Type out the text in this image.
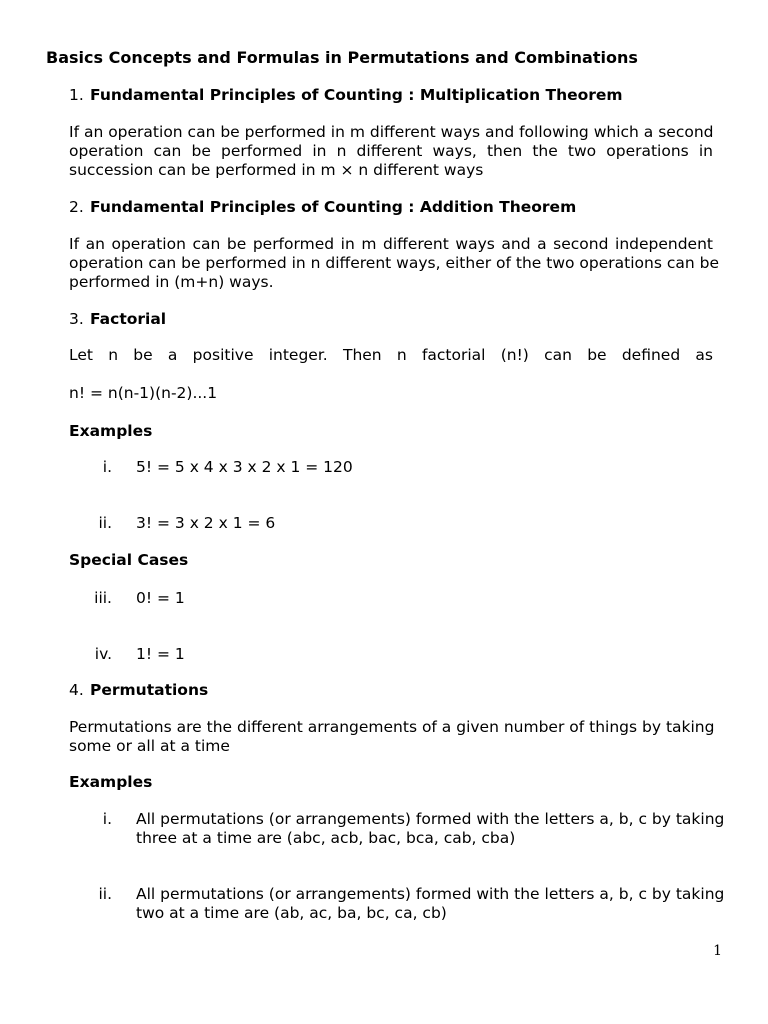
Basics Concepts and Formulas in Permutations and Combinations
1. Fundamental Principles of Counting : Multiplication Theorem
If an operation can be performed in m different ways and following which a second
operation can be performed in n different ways, then the two operations in
succession can be performed in m × n different ways
2. Fundamental Principles of Counting : Addition Theorem
If an operation can be performed in m different ways and a second independent
operation can be performed in n different ways, either of the two operations can be
performed in (m+n) ways.
3. Factorial
Let n be a positive integer. Then n factorial (n!) can be defined as
n! = n(n-1)(n-2)...1
Examples
i. 5! = 5 x 4 x 3 x 2 x 1 = 120
ii. 3! = 3 x 2 x 1 = 6
Special Cases
iii. 0! = 1
iv. 1! = 1
4. Permutations
Permutations are the different arrangements of a given number of things by taking
some or all at a time
Examples
i. All permutations (or arrangements) formed with the letters a, b, c by taking
three at a time are (abc, acb, bac, bca, cab, cba)
ii. All permutations (or arrangements) formed with the letters a, b, c by taking
two at a time are (ab, ac, ba, bc, ca, cb)
1
